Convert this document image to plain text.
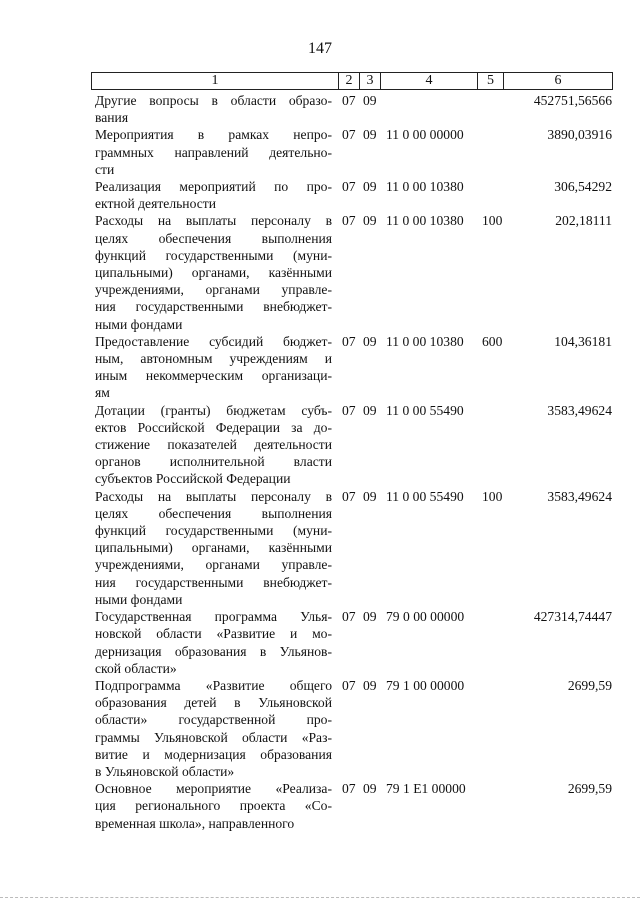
147
1	2	3	4	5	6
Другие вопросы в области образо-
вания
07 09	452751,56566
Мероприятия в рамках непро-
граммных направлений деятельно-
сти
07 09 11 0 00 00000	3890,03916
Реализация мероприятий по про-
ектной деятельности
07 09 11 0 00 10380	306,54292
Расходы на выплаты персоналу в
целях обеспечения выполнения
функций государственными (муни-
ципальными) органами, казёнными
учреждениями, органами управле-
ния государственными внебюджет-
ными фондами
07 09 11 0 00 10380 100	202,18111
Предоставление субсидий бюджет-
ным, автономным учреждениям и
иным некоммерческим организаци-
ям
07 09 11 0 00 10380 600	104,36181
Дотации (гранты) бюджетам субъ-
ектов Российской Федерации за до-
стижение показателей деятельности
органов исполнительной власти
субъектов Российской Федерации
07 09 11 0 00 55490	3583,49624
Расходы на выплаты персоналу в
целях обеспечения выполнения
функций государственными (муни-
ципальными) органами, казёнными
учреждениями, органами управле-
ния государственными внебюджет-
ными фондами
07 09 11 0 00 55490 100	3583,49624
Государственная программа Улья-
новской области «Развитие и мо-
дернизация образования в Ульянов-
ской области»
07 09 79 0 00 00000	427314,74447
Подпрограмма «Развитие общего
образования детей в Ульяновской
области» государственной про-
граммы Ульяновской области «Раз-
витие и модернизация образования
в Ульяновской области»
07 09 79 1 00 00000	2699,59
Основное мероприятие «Реализа-
ция регионального проекта «Со-
временная школа», направленного
07 09 79 1 E1 00000	2699,59
